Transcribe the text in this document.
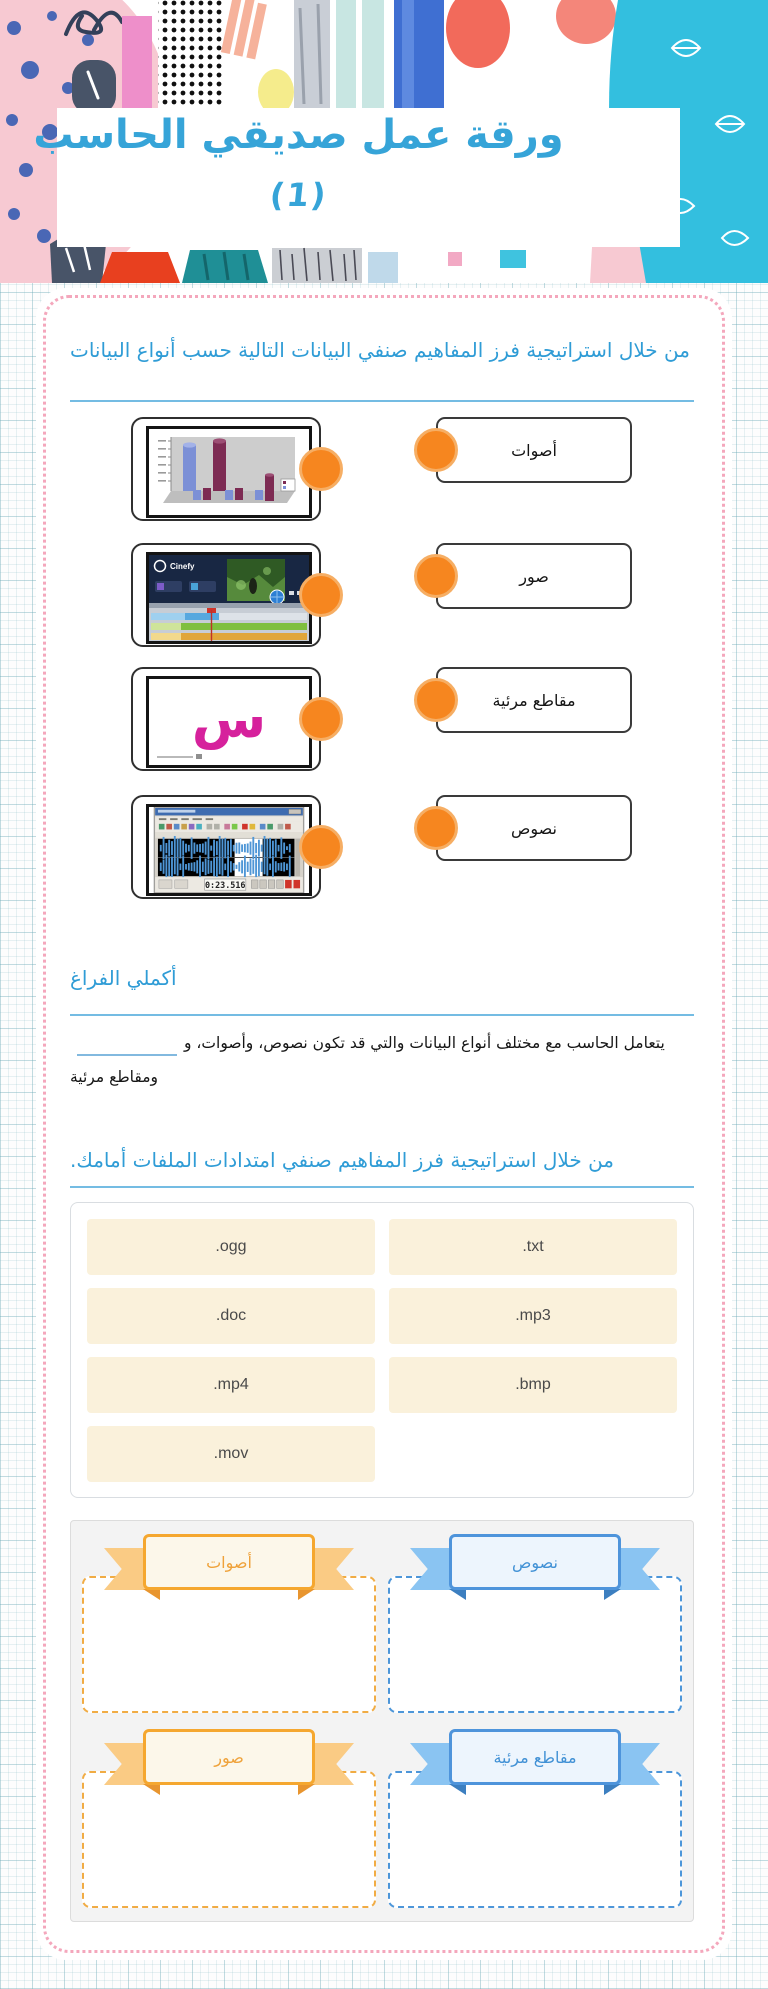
ورقة عمل صديقي الحاسب
(1)
من خلال استراتيجية فرز المفاهيم صنفي البيانات التالية حسب أنواع البيانات
أصوات
Cinefy	صور
س	مقاطع مرئية
0:23.516
نصوص
أكملي الفراغ

يتعامل الحاسب مع مختلف أنواع البيانات والتي قد تكون نصوص، وأصوات، وومقاطع مرئية

من خلال استراتيجية فرز المفاهيم صنفي امتدادات الملفات أمامك.
.ogg	.txt
.doc	.mp3
.mp4	.bmp
.mov
أصوات	نصوص
صور	مقاطع مرئية
